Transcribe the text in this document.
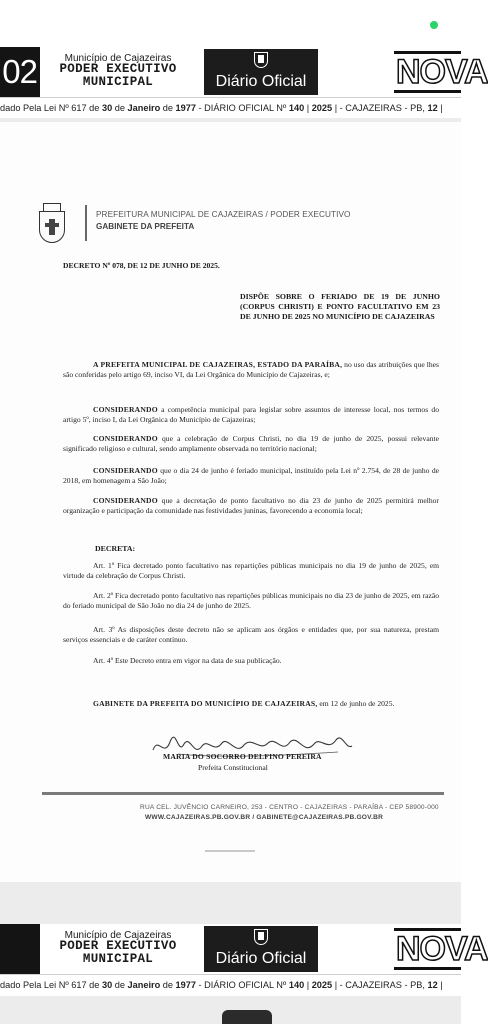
02	Município de Cajazeiras
PODER EXECUTIVO
MUNICIPAL	Diário Oficial	NOVA
dado Pela Lei Nº 617 de 30 de Janeiro de 1977 - DIÁRIO OFICIAL Nº 140 | 2025 | - CAJAZEIRAS - PB, 12 |
PREFEITURA MUNICIPAL DE CAJAZEIRAS / PODER EXECUTIVO
GABINETE DA PREFEITA
DECRETO Nº 078, DE 12 DE JUNHO DE 2025.
DISPÕE SOBRE O FERIADO DE 19 DE JUNHO (CORPUS CHRISTI) E PONTO FACULTATIVO EM 23 DE JUNHO DE 2025 NO MUNICÍPIO DE CAJAZEIRAS
A PREFEITA MUNICIPAL DE CAJAZEIRAS, ESTADO DA PARAÍBA, no uso das atribuições que lhes são conferidas pelo artigo 69, inciso VI, da Lei Orgânica do Município de Cajazeiras, e;
CONSIDERANDO a competência municipal para legislar sobre assuntos de interesse local, nos termos do artigo 5º, inciso I, da Lei Orgânica do Município de Cajazeiras;
CONSIDERANDO que a celebração de Corpus Christi, no dia 19 de junho de 2025, possui relevante significado religioso e cultural, sendo amplamente observada no território nacional;
CONSIDERANDO que o dia 24 de junho é feriado municipal, instituído pela Lei nº 2.754, de 28 de junho de 2018, em homenagem a São João;
CONSIDERANDO que a decretação de ponto facultativo no dia 23 de junho de 2025 permitirá melhor organização e participação da comunidade nas festividades juninas, favorecendo a economia local;
DECRETA:
Art. 1º Fica decretado ponto facultativo nas repartições públicas municipais no dia 19 de junho de 2025, em virtude da celebração de Corpus Christi.
Art. 2º Fica decretado ponto facultativo nas repartições públicas municipais no dia 23 de junho de 2025, em razão do feriado municipal de São João no dia 24 de junho de 2025.
Art. 3º As disposições deste decreto não se aplicam aos órgãos e entidades que, por sua natureza, prestam serviços essenciais e de caráter contínuo.
Art. 4º Este Decreto entra em vigor na data de sua publicação.
GABINETE DA PREFEITA DO MUNICÍPIO DE CAJAZEIRAS, em 12 de junho de 2025.
MARIA DO SOCORRO DELFINO PEREIRA
Prefeita Constitucional
RUA CEL. JUVÊNCIO CARNEIRO, 253 - CENTRO - CAJAZEIRAS - PARAÍBA - CEP 58900-000
WWW.CAJAZEIRAS.PB.GOV.BR / GABINETE@CAJAZEIRAS.PB.GOV.BR
02	Município de Cajazeiras
PODER EXECUTIVO
MUNICIPAL	Diário Oficial	NOVA
dado Pela Lei Nº 617 de 30 de Janeiro de 1977 - DIÁRIO OFICIAL Nº 140 | 2025 | - CAJAZEIRAS - PB, 12 |
